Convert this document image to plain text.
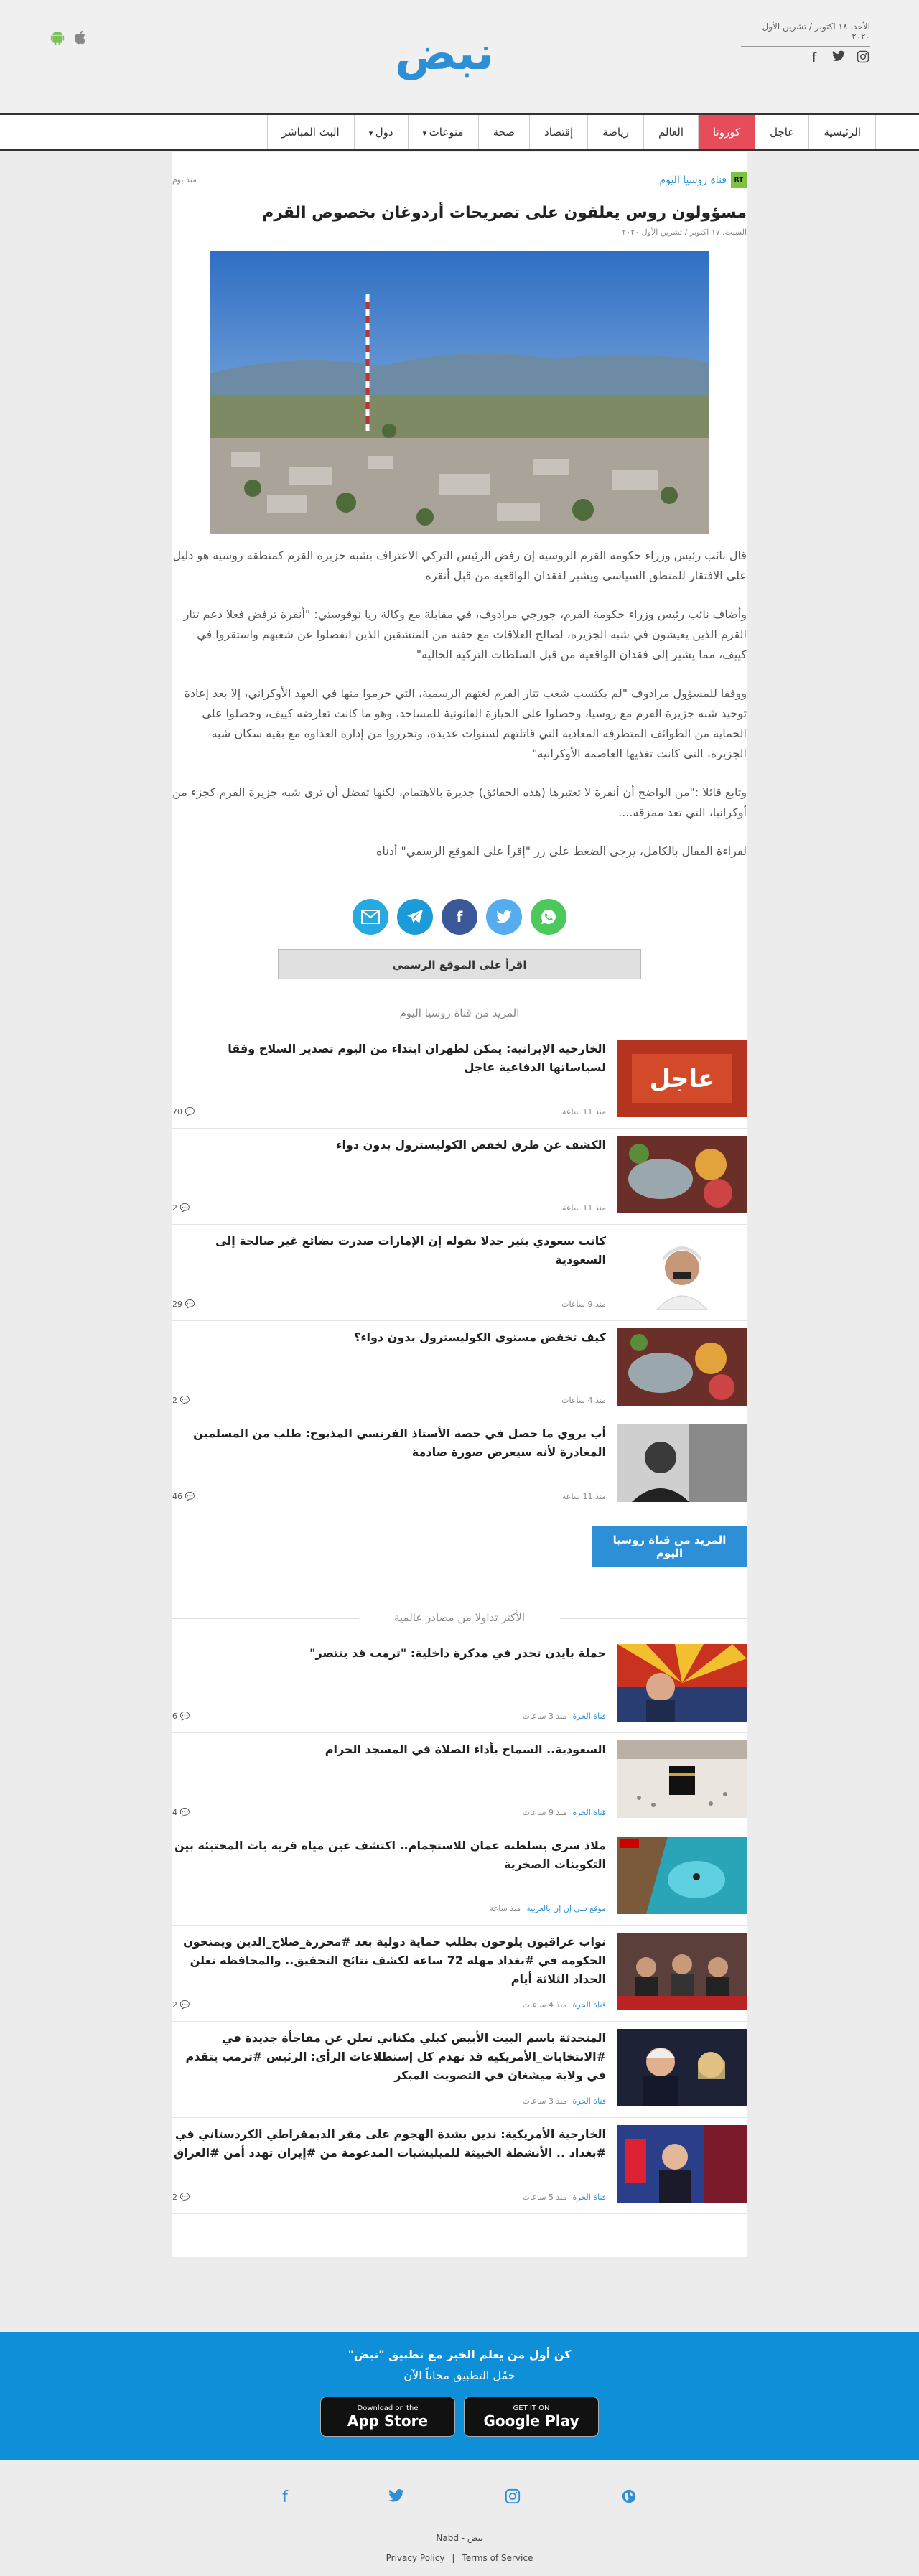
الأحد، ١٨ اكتوبر / تشرين الأول ٢٠٢٠
f
نبض
الرئيسية
عاجل
كورونا
العالم
رياضة
إقتصاد
صحة
منوعات ▾
دول ▾
البث المباشر
RT
قناة روسيا اليوم
منذ يوم
مسؤولون روس يعلقون على تصريحات أردوغان بخصوص القرم
السبت، ١٧ اكتوبر / تشرين الأول ٢٠٢٠

قال نائب رئيس وزراء حكومة القرم الروسية إن رفض الرئيس التركي الاعتراف بشبه جزيرة القرم كمنطقة روسية هو دليل على الافتقار للمنطق السياسي ويشير لفقدان الواقعية من قبل أنقرة

وأضاف نائب رئيس وزراء حكومة القرم، جورجي مرادوف، في مقابلة مع وكالة ريا نوفوستي: "أنقرة ترفض فعلا دعم تتار القرم الذين يعيشون في شبه الجزيرة، لصالح العلاقات مع حفنة من المنشقين الذين انفصلوا عن شعبهم واستقروا في كييف، مما يشير إلى فقدان الواقعية من قبل السلطات التركية الحالية"

ووفقا للمسؤول مرادوف "لم يكتسب شعب تتار القرم لغتهم الرسمية، التي حرموا منها في العهد الأوكراني، إلا بعد إعادة توحيد شبه جزيرة القرم مع روسيا، وحصلوا على الحيازة القانونية للمساجد، وهو ما كانت تعارضه كييف، وحصلوا على الحماية من الطوائف المتطرفة المعادية التي قاتلتهم لسنوات عديدة، وتحرروا من إدارة العداوة مع بقية سكان شبه الجزيرة، التي كانت تغذيها العاصمة الأوكرانية"

وتابع قائلا :"من الواضح أن أنقرة لا تعتبرها (هذه الحقائق) جديرة بالاهتمام، لكنها تفضل أن ترى شبه جزيرة القرم كجزء من أوكرانيا، التي تعد ممزقة....

لقراءة المقال بالكامل، يرجى الضغط على زر "إقرأ على الموقع الرسمي" أدناه

f
اقرأ على الموقع الرسمي
المزيد من قناة روسيا اليوم
عاجل
الخارجية الإيرانية: يمكن لطهران ابتداء من اليوم تصدير السلاح وفقا لسياساتها الدفاعية عاجل
منذ 11 ساعة
💬 70
الكشف عن طرق لخفض الكوليسترول بدون دواء
منذ 11 ساعة
💬 2
كاتب سعودي يثير جدلا بقوله إن الإمارات صدرت بضائع غير صالحة إلى السعودية
منذ 9 ساعات
💬 29
كيف تخفض مستوى الكوليسترول بدون دواء؟
منذ 4 ساعات
💬 2
أب يروي ما حصل في حصة الأستاذ الفرنسي المذبوح: طلب من المسلمين المغادرة لأنه سيعرض صورة صادمة
منذ 11 ساعة
💬 46
المزيد من قناة روسيا اليوم
الأكثر تداولا من مصادر عالمية
حملة بايدن تحذر في مذكرة داخلية: "ترمب قد ينتصر"
قناة الحرةمنذ 3 ساعات
💬 6
السعودية.. السماح بأداء الصلاة في المسجد الحرام
قناة الحرةمنذ 9 ساعات
💬 4
ملاذ سري بسلطنة عمان للاستجمام.. اكتشف عين مياه قرية بات المختبئة بين التكوينات الصخرية
موقع سي إن إن بالعربيةمنذ ساعة
نواب عراقيون يلوحون بطلب حماية دولية بعد #مجزرة_صلاح_الدين ويمنحون الحكومة في #بغداد مهلة 72 ساعة لكشف نتائج التحقيق.. والمحافظة تعلن الحداد الثلاثة أيام
قناة الحرةمنذ 4 ساعات
💬 2
المتحدثة باسم البيت الأبيض كيلي مكناني تعلن عن مفاجأة جديدة في #الانتخابات_الأمريكية قد تهدم كل إستطلاعات الرأي: الرئيس #ترمب يتقدم في ولاية ميشغان في التصويت المبكر
قناة الحرةمنذ 3 ساعات
الخارجية الأمريكية: ندين بشدة الهجوم على مقر الديمقراطي الكردستاني في #بغداد .. الأنشطة الخبيثة للميليشيات المدعومة من #إيران تهدد أمن #العراق
قناة الحرةمنذ 5 ساعات
💬 2
كن أول من يعلم الخبر مع تطبيق "نبض"
حمّل التطبيق مجاناً الآن
GET IT ON
Google Play
Download on the
App Store
f
نبض - Nabd
Privacy Policy | Terms of Service
